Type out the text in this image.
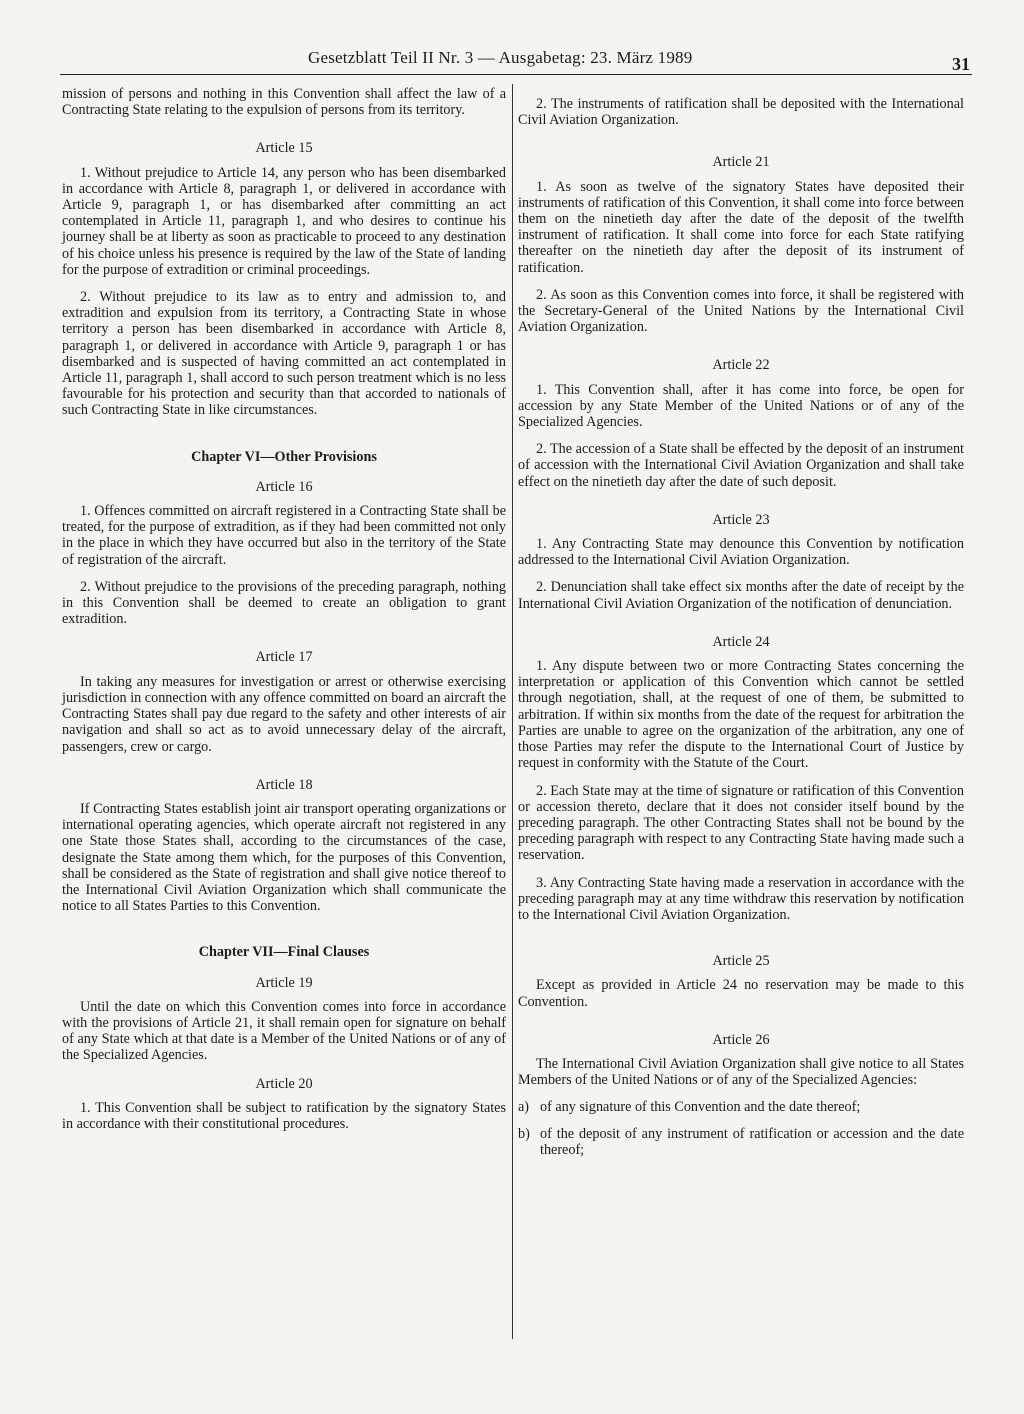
Gesetzblatt Teil II Nr. 3 — Ausgabetag: 23. März 1989	31

mission of persons and nothing in this Convention shall affect the law of a Contracting State relating to the expulsion of persons from its territory.

Article 15

1. Without prejudice to Article 14, any person who has been disembarked in accordance with Article 8, paragraph 1, or delivered in accordance with Article 9, paragraph 1, or has disembarked after committing an act contemplated in Article 11, paragraph 1, and who desires to continue his journey shall be at liberty as soon as practicable to proceed to any destination of his choice unless his presence is required by the law of the State of landing for the purpose of extradition or criminal proceedings.

2. Without prejudice to its law as to entry and admission to, and extradition and expulsion from its territory, a Contracting State in whose territory a person has been disembarked in accordance with Article 8, paragraph 1, or delivered in accordance with Article 9, paragraph 1 or has disembarked and is suspected of having committed an act contemplated in Article 11, paragraph 1, shall accord to such person treatment which is no less favourable for his protection and security than that accorded to nationals of such Contracting State in like circumstances.

Chapter VI—Other Provisions
Article 16

1. Offences committed on aircraft registered in a Contracting State shall be treated, for the purpose of extradition, as if they had been committed not only in the place in which they have occurred but also in the territory of the State of registration of the aircraft.

2. Without prejudice to the provisions of the preceding paragraph, nothing in this Convention shall be deemed to create an obligation to grant extradition.

Article 17

In taking any measures for investigation or arrest or otherwise exercising jurisdiction in connection with any offence committed on board an aircraft the Contracting States shall pay due regard to the safety and other interests of air navigation and shall so act as to avoid unnecessary delay of the aircraft, passengers, crew or cargo.

Article 18

If Contracting States establish joint air transport operating organizations or international operating agencies, which operate aircraft not registered in any one State those States shall, according to the circumstances of the case, designate the State among them which, for the purposes of this Convention, shall be considered as the State of registration and shall give notice thereof to the International Civil Aviation Organization which shall communicate the notice to all States Parties to this Convention.

Chapter VII—Final Clauses
Article 19

Until the date on which this Convention comes into force in accordance with the provisions of Article 21, it shall remain open for signature on behalf of any State which at that date is a Member of the United Nations or of any of the Specialized Agencies.

Article 20

1. This Convention shall be subject to ratification by the signatory States in accordance with their constitutional procedures.

2. The instruments of ratification shall be deposited with the International Civil Aviation Organization.

Article 21

1. As soon as twelve of the signatory States have deposited their instruments of ratification of this Convention, it shall come into force between them on the ninetieth day after the date of the deposit of the twelfth instrument of ratification. It shall come into force for each State ratifying thereafter on the ninetieth day after the deposit of its instrument of ratification.

2. As soon as this Convention comes into force, it shall be registered with the Secretary-General of the United Nations by the International Civil Aviation Organization.

Article 22

1. This Convention shall, after it has come into force, be open for accession by any State Member of the United Nations or of any of the Specialized Agencies.

2. The accession of a State shall be effected by the deposit of an instrument of accession with the International Civil Aviation Organization and shall take effect on the ninetieth day after the date of such deposit.

Article 23

1. Any Contracting State may denounce this Convention by notification addressed to the International Civil Aviation Organization.

2. Denunciation shall take effect six months after the date of receipt by the International Civil Aviation Organization of the notification of denunciation.

Article 24

1. Any dispute between two or more Contracting States concerning the interpretation or application of this Convention which cannot be settled through negotiation, shall, at the request of one of them, be submitted to arbitration. If within six months from the date of the request for arbitration the Parties are unable to agree on the organization of the arbitration, any one of those Parties may refer the dispute to the International Court of Justice by request in conformity with the Statute of the Court.

2. Each State may at the time of signature or ratification of this Convention or accession thereto, declare that it does not consider itself bound by the preceding paragraph. The other Contracting States shall not be bound by the preceding paragraph with respect to any Contracting State having made such a reservation.

3. Any Contracting State having made a reservation in accordance with the preceding paragraph may at any time withdraw this reservation by notification to the International Civil Aviation Organization.

Article 25

Except as provided in Article 24 no reservation may be made to this Convention.

Article 26

The International Civil Aviation Organization shall give notice to all States Members of the United Nations or of any of the Specialized Agencies:

a) of any signature of this Convention and the date thereof;
b) of the deposit of any instrument of ratification or accession and the date thereof;
